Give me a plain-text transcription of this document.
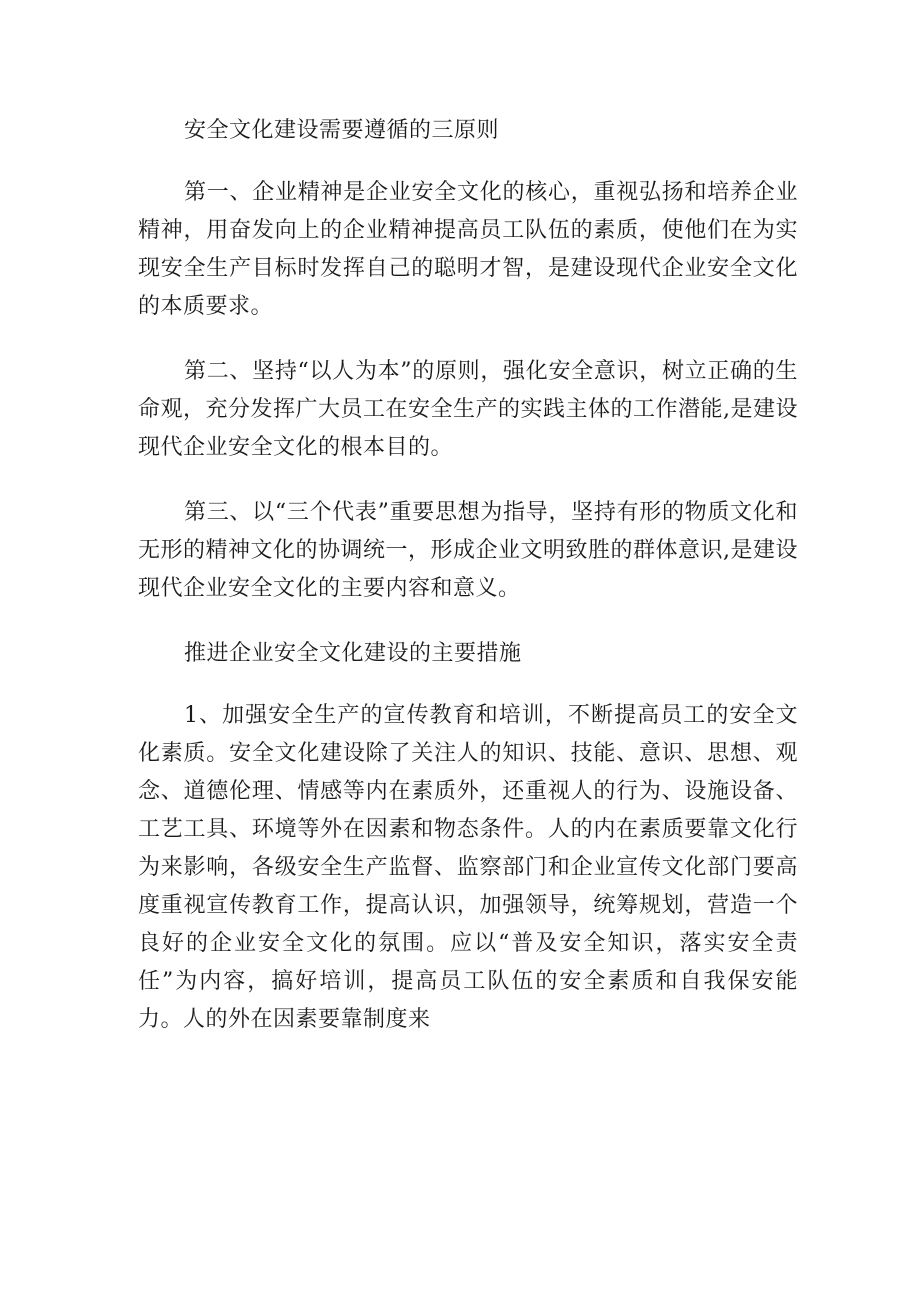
安全文化建设需要遵循的三原则

第一、企业精神是企业安全文化的核心，重视弘扬和培养企业精神，用奋发向上的企业精神提高员工队伍的素质，使他们在为实现安全生产目标时发挥自己的聪明才智，是建设现代企业安全文化的本质要求。

第二、坚持“以人为本”的原则，强化安全意识，树立正确的生命观，充分发挥广大员工在安全生产的实践主体的工作潜能,是建设现代企业安全文化的根本目的。

第三、以“三个代表”重要思想为指导，坚持有形的物质文化和无形的精神文化的协调统一，形成企业文明致胜的群体意识,是建设现代企业安全文化的主要内容和意义。

推进企业安全文化建设的主要措施

1、加强安全生产的宣传教育和培训，不断提高员工的安全文化素质。安全文化建设除了关注人的知识、技能、意识、思想、观念、道德伦理、情感等内在素质外，还重视人的行为、设施设备、工艺工具、环境等外在因素和物态条件。人的内在素质要靠文化行为来影响，各级安全生产监督、监察部门和企业宣传文化部门要高度重视宣传教育工作，提高认识，加强领导，统筹规划，营造一个良好的企业安全文化的氛围。应以“普及安全知识，落实安全责任”为内容，搞好培训，提高员工队伍的安全素质和自我保安能力。人的外在因素要靠制度来
